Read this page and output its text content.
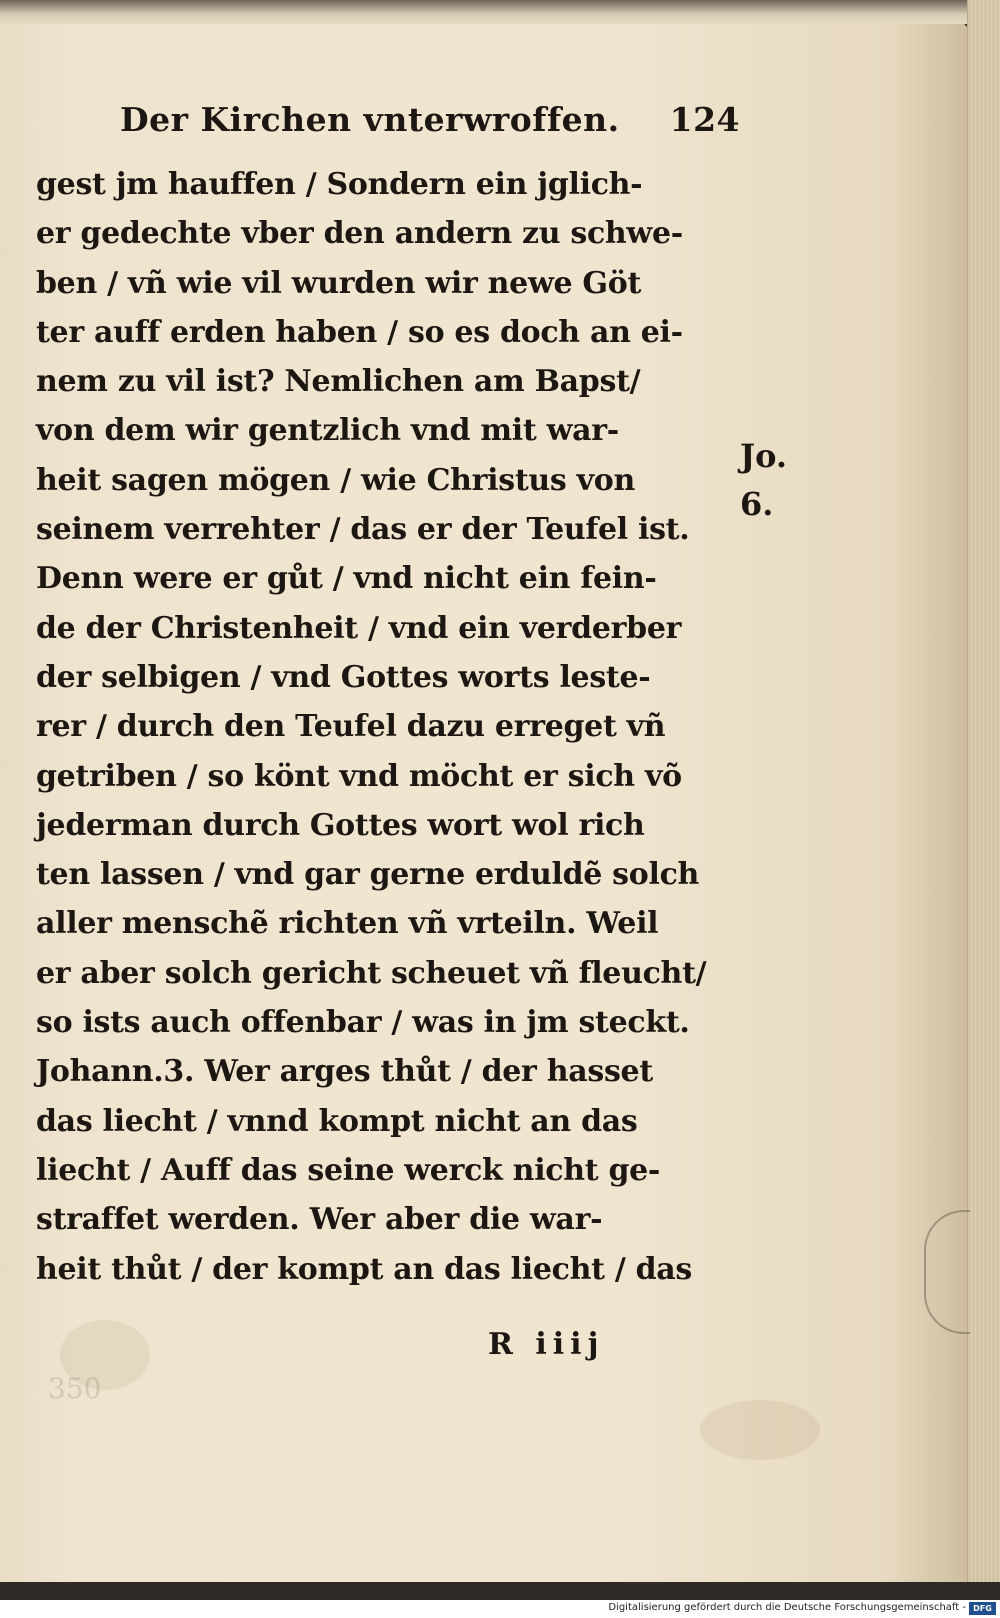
Der Kirchen vnterwroffen. 124
gest jm hauffen / Sondern ein jglich-
er gedechte vber den andern zu schwe-
ben / vñ wie vil wurden wir newe Göt
ter auff erden haben / so es doch an ei-
nem zu vil ist? Nemlichen am Bapst/
von dem wir gentzlich vnd mit war-
heit sagen mögen / wie Christus von
seinem verrehter / das er der Teufel ist.
Denn were er gůt / vnd nicht ein fein-
de der Christenheit / vnd ein verderber
der selbigen / vnd Gottes worts leste-
rer / durch den Teufel dazu erreget vñ
getriben / so könt vnd möcht er sich võ
jederman durch Gottes wort wol rich
ten lassen / vnd gar gerne erduldẽ solch
aller menschẽ richten vñ vrteiln. Weil
er aber solch gericht scheuet vñ fleucht/
so ists auch offenbar / was in jm steckt.
Johann.3. Wer arges thůt / der hasset
das liecht / vnnd kompt nicht an das
liecht / Auff das seine werck nicht ge-
straffet werden. Wer aber die war-
heit thůt / der kompt an das liecht / das
Jo.
6.
R iiij
350
Digitalisierung gefördert durch die Deutsche Forschungsgemeinschaft - DFG
